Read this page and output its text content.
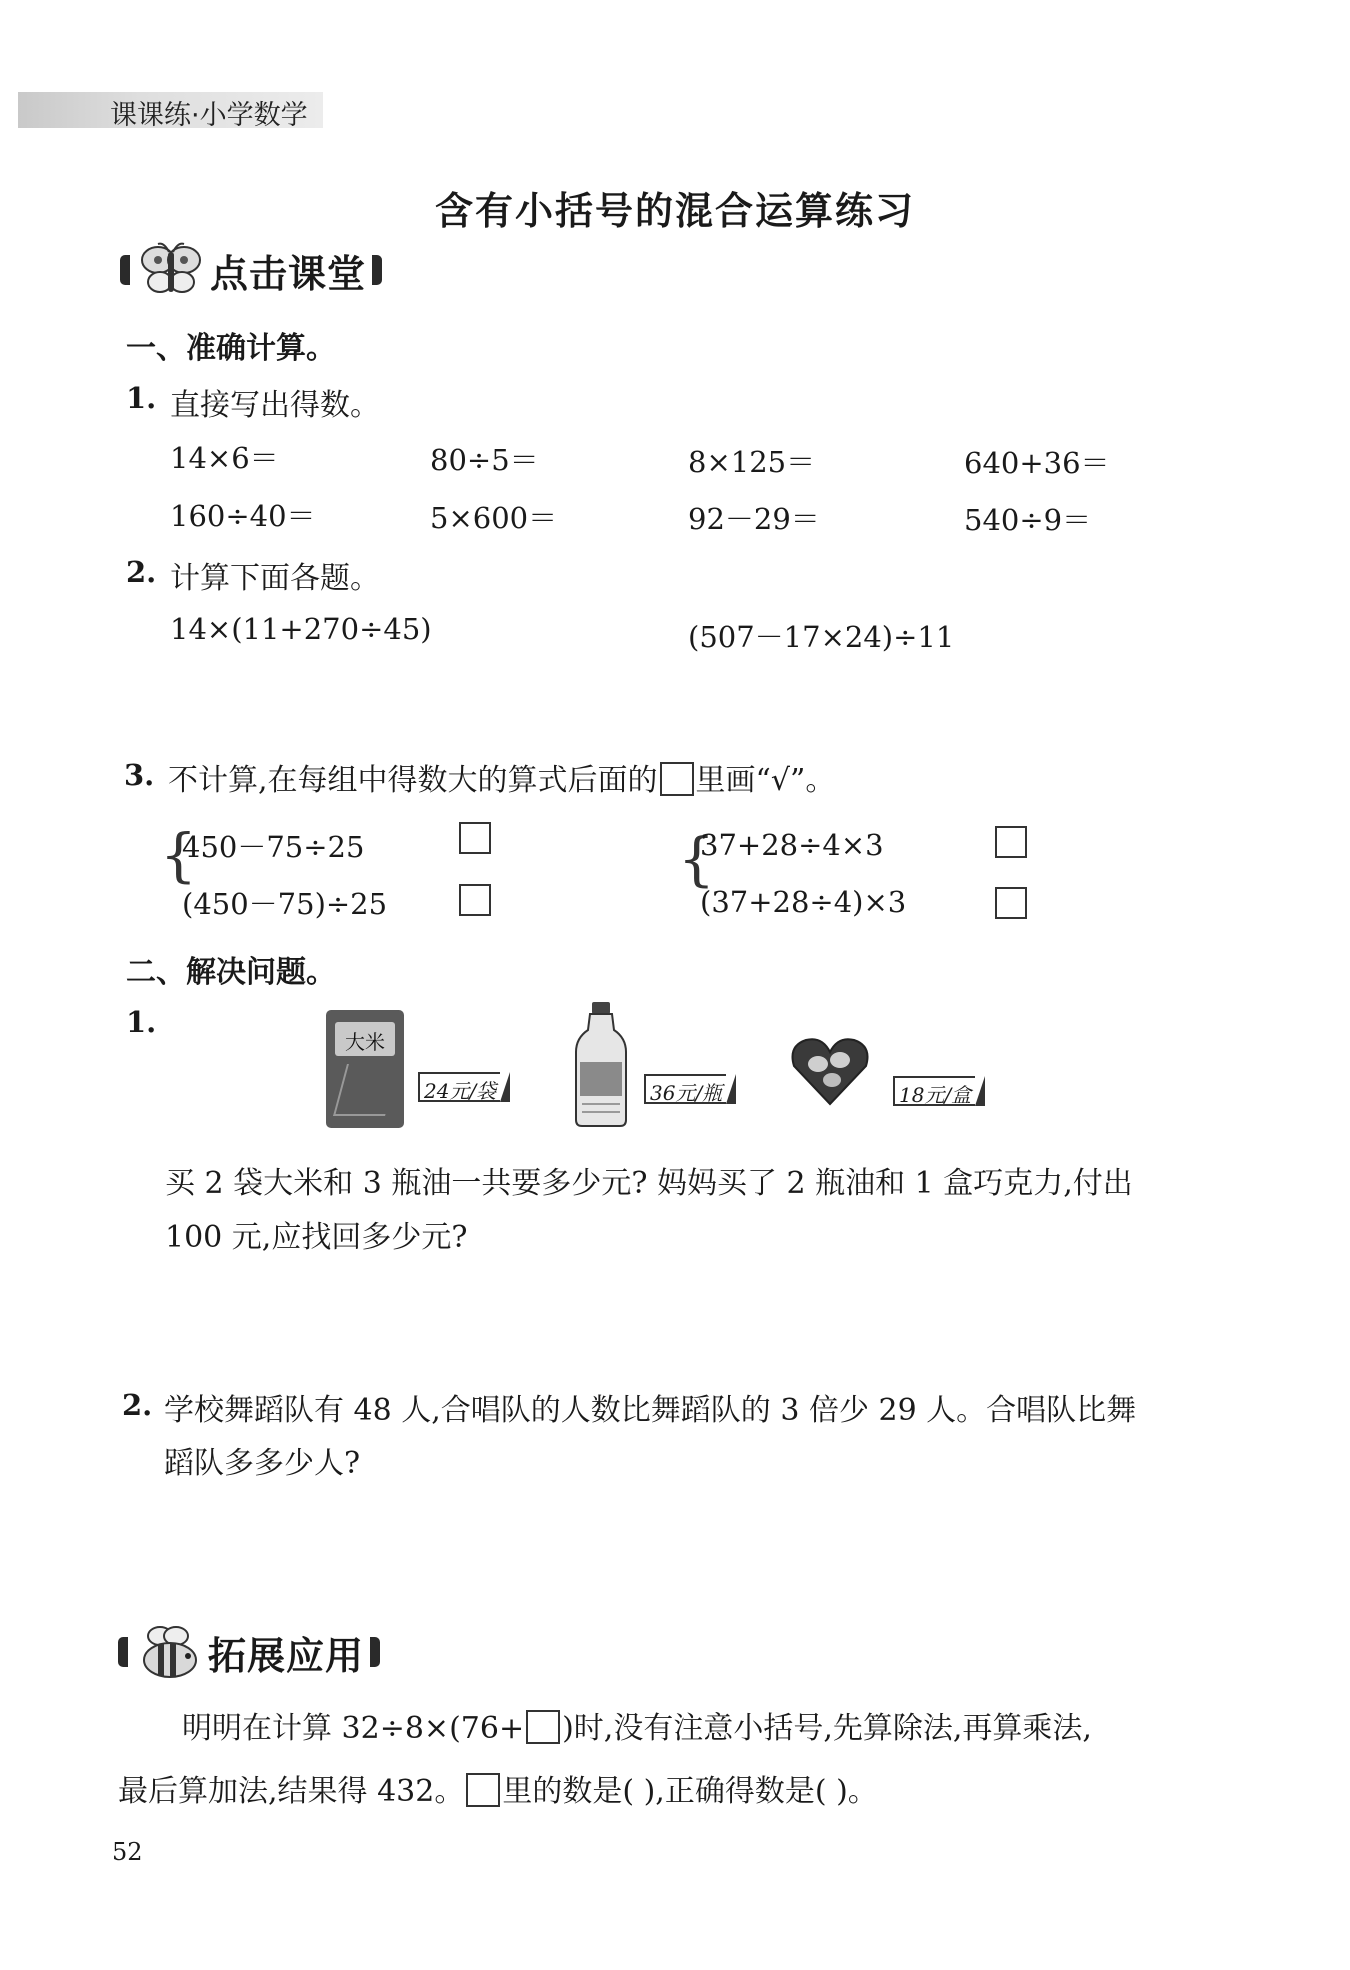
课课练·小学数学
含有小括号的混合运算练习
点击课堂
一、准确计算。
1. 直接写出得数。
14×6＝	80÷5＝	8×125＝	640+36＝
160÷40＝	5×600＝	92－29＝	540÷9＝
2. 计算下面各题。
14×(11+270÷45)	(507－17×24)÷11
3. 不计算,在每组中得数大的算式后面的 里画“√”。
{
450－75÷25
(450－75)÷25
{
37+28÷4×3
(37+28÷4)×3
二、解决问题。
1.
大米
24元/袋	36元/瓶	18元/盒
买 2 袋大米和 3 瓶油一共要多少元? 妈妈买了 2 瓶油和 1 盒巧克力,付出
100 元,应找回多少元?
2. 学校舞蹈队有 48 人,合唱队的人数比舞蹈队的 3 倍少 29 人。合唱队比舞
蹈队多多少人?
拓展应用
明明在计算 32÷8×(76+ )时,没有注意小括号,先算除法,再算乘法,
最后算加法,结果得 432。 里的数是( ),正确得数是( )。
52
